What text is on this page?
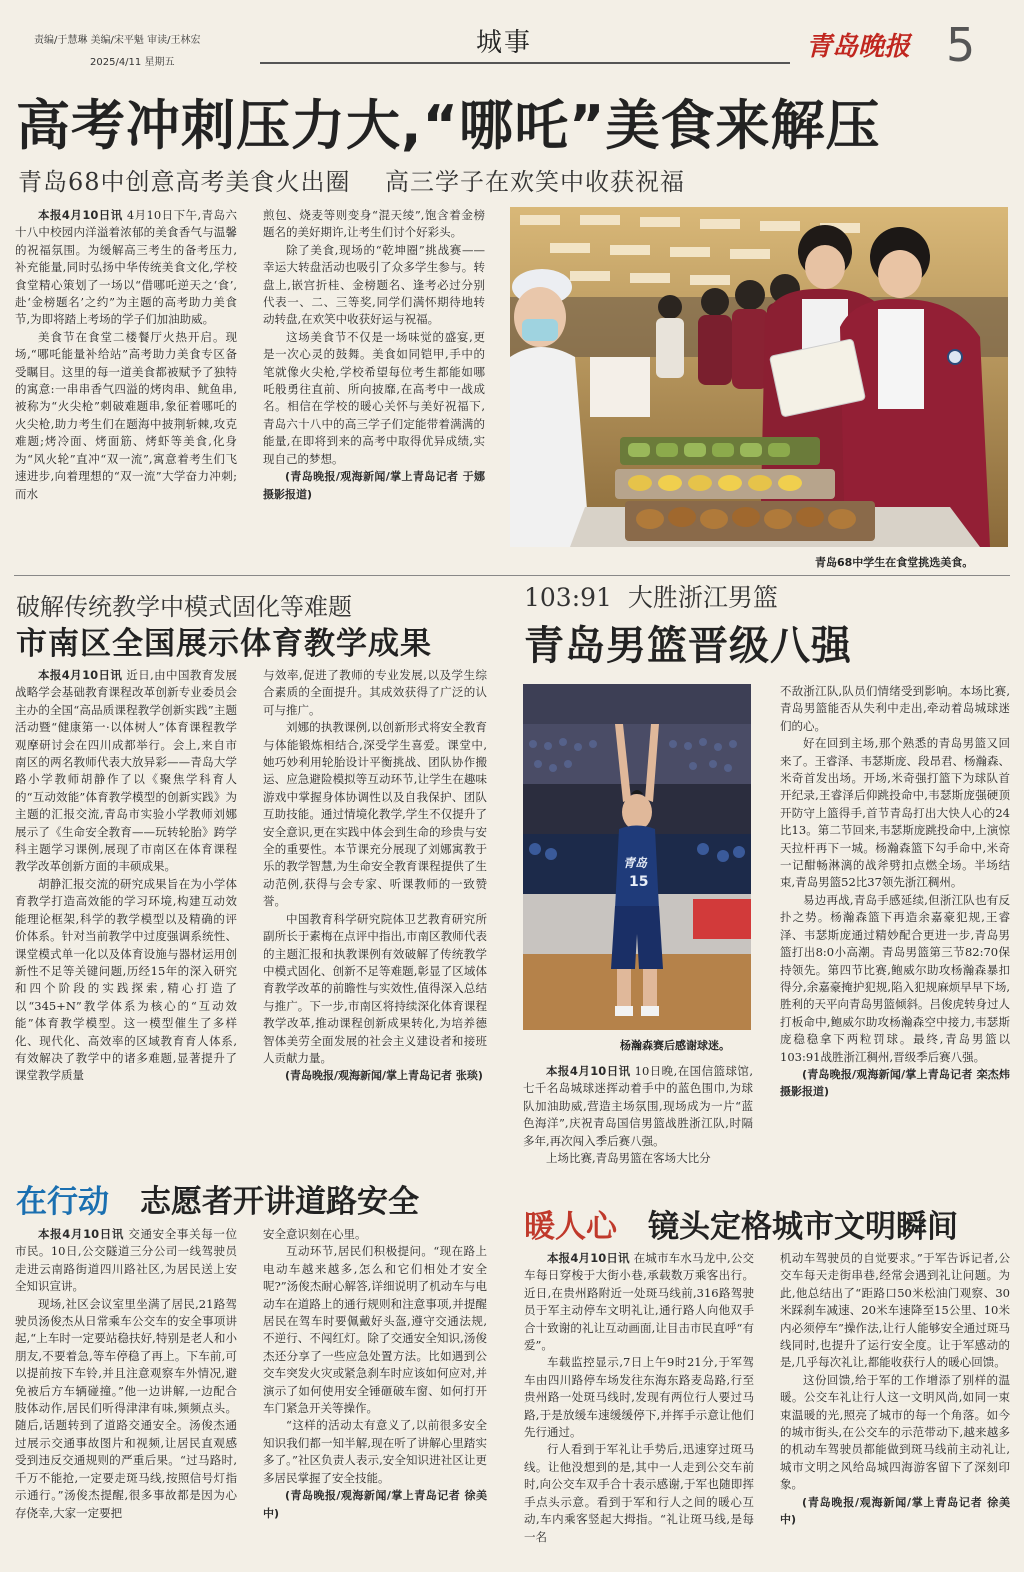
责编/于慧琳 美编/宋平魁 审读/王林宏
2025/4/11 星期五
城事	青岛晚报 5
高考冲刺压力大,“哪吒”美食来解压
青岛68中创意高考美食火出圈    高三学子在欢笑中收获祝福

本报4月10日讯 4月10日下午,青岛六十八中校园内洋溢着浓郁的美食香气与温馨的祝福氛围。为缓解高三考生的备考压力,补充能量,同时弘扬中华传统美食文化,学校食堂精心策划了一场以“借哪吒逆天之‘食’,赴‘金榜题名’之约”为主题的高考助力美食节,为即将踏上考场的学子们加油助威。

美食节在食堂二楼餐厅火热开启。现场,“哪吒能量补给站”高考助力美食专区备受瞩目。这里的每一道美食都被赋予了独特的寓意:一串串香气四溢的烤肉串、鱿鱼串,被称为“火尖枪”刺破难题串,象征着哪吒的火尖枪,助力考生们在题海中披荆斩棘,攻克难题;烤冷面、烤面筋、烤虾等美食,化身为“风火轮”直冲“双一流”,寓意着考生们飞速进步,向着理想的“双一流”大学奋力冲刺;而水

煎包、烧麦等则变身“混天绫”,饱含着金榜题名的美好期许,让考生们讨个好彩头。

除了美食,现场的“乾坤圈”挑战赛——幸运大转盘活动也吸引了众多学生参与。转盘上,嵌宫折桂、金榜题名、逢考必过分别代表一、二、三等奖,同学们满怀期待地转动转盘,在欢笑中收获好运与祝福。

这场美食节不仅是一场味觉的盛宴,更是一次心灵的鼓舞。美食如同铠甲,手中的笔就像火尖枪,学校希望每位考生都能如哪吒般勇往直前、所向披靡,在高考中一战成名。相信在学校的暖心关怀与美好祝福下,青岛六十八中的高三学子们定能带着满满的能量,在即将到来的高考中取得优异成绩,实现自己的梦想。

(青岛晚报/观海新闻/掌上青岛记者 于娜 摄影报道)

青岛68中学生在食堂挑选美食。
破解传统教学中模式固化等难题
市南区全国展示体育教学成果

本报4月10日讯 近日,由中国教育发展战略学会基础教育课程改革创新专业委员会主办的全国“高品质课程教学创新实践”主题活动暨“健康第一·以体树人”体育课程教学观摩研讨会在四川成都举行。会上,来自市南区的两名教师代表大放异彩——青岛大学路小学教师胡静作了以《聚焦学科育人的“互动效能”体育教学模型的创新实践》为主题的汇报交流,青岛市实验小学教师刘娜展示了《生命安全教育——玩转轮胎》跨学科主题学习课例,展现了市南区在体育课程教学改革创新方面的丰硕成果。

胡静汇报交流的研究成果旨在为小学体育教学打造高效能的学习环境,构建互动效能理论框架,科学的教学模型以及精确的评价体系。针对当前教学中过度强调系统性、课堂模式单一化以及体育设施与器材运用创新性不足等关键问题,历经15年的深入研究和四个阶段的实践探索,精心打造了以“345+N”教学体系为核心的“互动效能”体育教学模型。这一模型催生了多样化、现代化、高效率的区域教育育人体系,有效解决了教学中的诸多难题,显著提升了课堂教学质量

与效率,促进了教师的专业发展,以及学生综合素质的全面提升。其成效获得了广泛的认可与推广。

刘娜的执教课例,以创新形式将安全教育与体能锻炼相结合,深受学生喜爱。课堂中,她巧妙利用轮胎设计平衡挑战、团队协作搬运、应急避险模拟等互动环节,让学生在趣味游戏中掌握身体协调性以及自我保护、团队互助技能。通过情境化教学,学生不仅提升了安全意识,更在实践中体会到生命的珍贵与安全的重要性。本节课充分展现了刘娜寓教于乐的教学智慧,为生命安全教育课程提供了生动范例,获得与会专家、听课教师的一致赞誉。

中国教育科学研究院体卫艺教育研究所副所长于素梅在点评中指出,市南区教师代表的主题汇报和执教课例有效破解了传统教学中模式固化、创新不足等难题,彰显了区域体育教学改革的前瞻性与实效性,值得深入总结与推广。下一步,市南区将持续深化体育课程教学改革,推动课程创新成果转化,为培养德智体美劳全面发展的社会主义建设者和接班人贡献力量。

(青岛晚报/观海新闻/掌上青岛记者 张琰)

103:91  大胜浙江男篮
青岛男篮晋级八强
青岛
15
杨瀚森赛后感谢球迷。

不敌浙江队,队员们情绪受到影响。本场比赛,青岛男篮能否从失利中走出,牵动着岛城球迷们的心。

好在回到主场,那个熟悉的青岛男篮又回来了。王睿泽、韦瑟斯庞、段昂君、杨瀚森、米奇首发出场。开场,米奇强打篮下为球队首开纪录,王睿泽后仰跳投命中,韦瑟斯庞强硬顶开防守上篮得手,首节青岛打出大快人心的24比13。第二节回来,韦瑟斯庞跳投命中,上演惊天拉杆再下一城。杨瀚森篮下勾手命中,米奇一记酣畅淋漓的战斧劈扣点燃全场。半场结束,青岛男篮52比37领先浙江稠州。

易边再战,青岛手感延续,但浙江队也有反扑之势。杨瀚森篮下再造余嘉豪犯规,王睿泽、韦瑟斯庞通过精妙配合更进一步,青岛男篮打出8:0小高潮。青岛男篮第三节82:70保持领先。第四节比赛,鲍威尔助攻杨瀚森暴扣得分,余嘉豪掩护犯规,陷入犯规麻烦早早下场,胜利的天平向青岛男篮倾斜。吕俊虎转身过人打板命中,鲍威尔助攻杨瀚森空中接力,韦瑟斯庞稳稳拿下两粒罚球。最终,青岛男篮以103:91战胜浙江稠州,晋级季后赛八强。

(青岛晚报/观海新闻/掌上青岛记者 栾杰炜 摄影报道)

本报4月10日讯 10日晚,在国信篮球馆,七千名岛城球迷挥动着手中的蓝色围巾,为球队加油助威,营造主场氛围,现场成为一片“蓝色海洋”,庆祝青岛国信男篮战胜浙江队,时隔多年,再次闯入季后赛八强。

上场比赛,青岛男篮在客场大比分

在行动 志愿者开讲道路安全

本报4月10日讯 交通安全事关每一位市民。10日,公交隧道三分公司一线驾驶员走进云南路街道四川路社区,为居民送上安全知识宣讲。

现场,社区会议室里坐满了居民,21路驾驶员汤俊杰从日常乘车公交车的安全事项讲起,“上车时一定要站稳扶好,特别是老人和小朋友,不要着急,等车停稳了再上。下车前,可以提前按下车铃,并且注意观察车外情况,避免被后方车辆碰撞。”他一边讲解,一边配合肢体动作,居民们听得津津有味,频频点头。随后,话题转到了道路交通安全。汤俊杰通过展示交通事故图片和视频,让居民直观感受到违反交通规则的严重后果。“过马路时,千万不能抢,一定要走斑马线,按照信号灯指示通行。”汤俊杰提醒,很多事故都是因为心存侥幸,大家一定要把

安全意识刻在心里。

互动环节,居民们积极提问。“现在路上电动车越来越多,怎么和它们相处才安全呢?”汤俊杰耐心解答,详细说明了机动车与电动车在道路上的通行规则和注意事项,并提醒居民在驾车时要佩戴好头盔,遵守交通法规,不逆行、不闯红灯。除了交通安全知识,汤俊杰还分享了一些应急处置方法。比如遇到公交车突发火灾或紧急刹车时应该如何应对,并演示了如何使用安全锤砸破车窗、如何打开车门紧急开关等操作。

“这样的活动太有意义了,以前很多安全知识我们都一知半解,现在听了讲解心里踏实多了。”社区负责人表示,安全知识进社区让更多居民掌握了安全技能。

(青岛晚报/观海新闻/掌上青岛记者 徐美中)

暖人心 镜头定格城市文明瞬间

本报4月10日讯 在城市车水马龙中,公交车每日穿梭于大街小巷,承载数万乘客出行。近日,在贵州路附近一处斑马线前,316路驾驶员于军主动停车文明礼让,通行路人向他双手合十致谢的礼让互动画面,让目击市民直呼“有爱”。

车载监控显示,7日上午9时21分,于军驾车由四川路停车场发往东海东路麦岛路,行至贵州路一处斑马线时,发现有两位行人要过马路,于是放缓车速缓缓停下,并挥手示意让他们先行通过。

行人看到于军礼让手势后,迅速穿过斑马线。让他没想到的是,其中一人走到公交车前时,向公交车双手合十表示感谢,于军也随即挥手点头示意。看到于军和行人之间的暖心互动,车内乘客竖起大拇指。“礼让斑马线,是每一名

机动车驾驶员的自觉要求。”于军告诉记者,公交车每天走街串巷,经常会遇到礼让问题。为此,他总结出了“距路口50米松油门观察、30米踩刹车减速、20米车速降至15公里、10米内必须停车”操作法,让行人能够安全通过斑马线同时,也提升了运行安全度。让于军感动的是,几乎每次礼让,都能收获行人的暖心回馈。

这份回馈,给于军的工作增添了别样的温暖。公交车礼让行人这一文明风尚,如同一束束温暖的光,照亮了城市的每一个角落。如今的城市街头,在公交车的示范带动下,越来越多的机动车驾驶员都能做到斑马线前主动礼让,城市文明之风给岛城四海游客留下了深刻印象。

(青岛晚报/观海新闻/掌上青岛记者 徐美中)
